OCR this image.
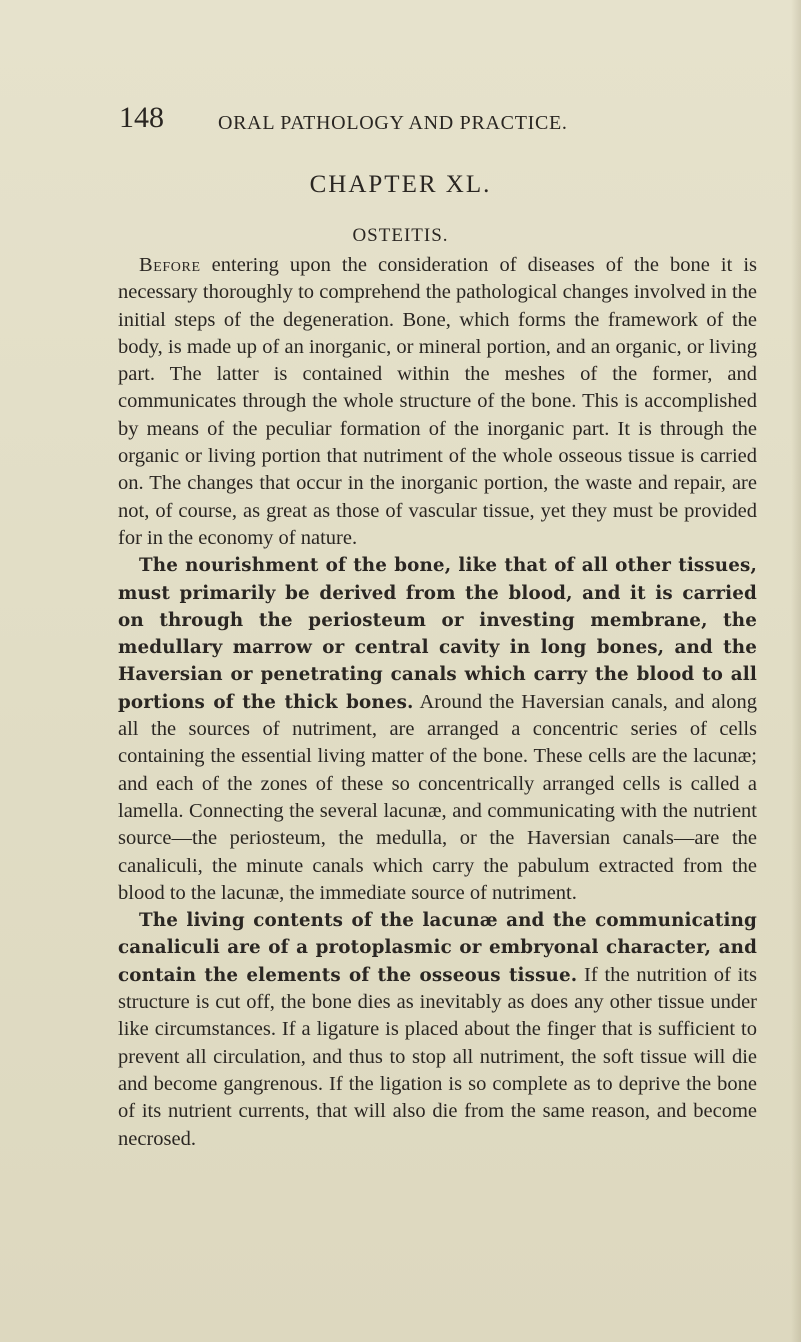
148	ORAL PATHOLOGY AND PRACTICE.
CHAPTER XL.
OSTEITIS.

Before entering upon the consideration of diseases of the bone it is necessary thoroughly to comprehend the pathological changes involved in the initial steps of the degeneration. Bone, which forms the framework of the body, is made up of an inorganic, or mineral portion, and an organic, or living part. The latter is contained within the meshes of the former, and communicates through the whole structure of the bone. This is accomplished by means of the peculiar formation of the inorganic part. It is through the organic or living portion that nutriment of the whole osseous tissue is carried on. The changes that occur in the inorganic portion, the waste and repair, are not, of course, as great as those of vascular tissue, yet they must be provided for in the economy of nature.

The nourishment of the bone, like that of all other tissues, must primarily be derived from the blood, and it is carried on through the periosteum or investing membrane, the medullary marrow or central cavity in long bones, and the Haversian or penetrating canals which carry the blood to all portions of the thick bones. Around the Haversian canals, and along all the sources of nutriment, are arranged a concentric series of cells containing the essential living matter of the bone. These cells are the lacunæ; and each of the zones of these so concentrically arranged cells is called a lamella. Connecting the several lacunæ, and communicating with the nutrient source—the periosteum, the medulla, or the Haversian canals—are the canaliculi, the minute canals which carry the pabulum extracted from the blood to the lacunæ, the immediate source of nutriment.

The living contents of the lacunæ and the communicating canaliculi are of a protoplasmic or embryonal character, and contain the elements of the osseous tissue. If the nutrition of its structure is cut off, the bone dies as inevitably as does any other tissue under like circumstances. If a ligature is placed about the finger that is sufficient to prevent all circulation, and thus to stop all nutriment, the soft tissue will die and become gangrenous. If the ligation is so complete as to deprive the bone of its nutrient currents, that will also die from the same reason, and become necrosed.
